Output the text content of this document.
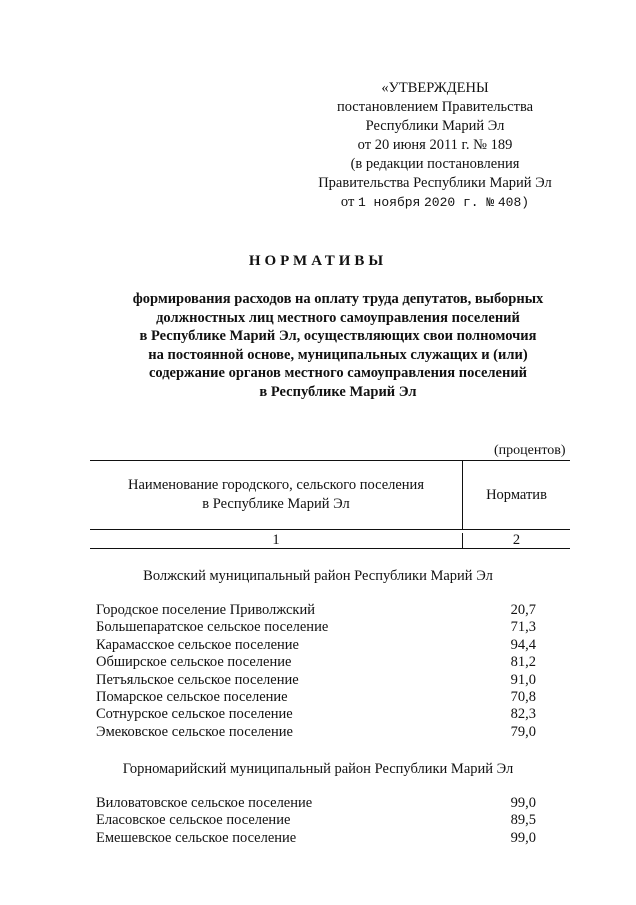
«УТВЕРЖДЕНЫ
постановлением Правительства
Республики Марий Эл
от 20 июня 2011 г. № 189
(в редакции постановления
Правительства Республики Марий Эл
от 1 ноября 2020 г. № 408)
НОРМАТИВЫ
формирования расходов на оплату труда депутатов, выборных
должностных лиц местного самоуправления поселений
в Республике Марий Эл, осуществляющих свои полномочия
на постоянной основе, муниципальных служащих и (или)
содержание органов местного самоуправления поселений
в Республике Марий Эл
(процентов)
Наименование городского, сельского поселения
в Республике Марий Эл
	Норматив
1	2
Волжский муниципальный район Республики Марий Эл
Городское поселение Приволжский	20,7
Большепаратское сельское поселение	71,3
Карамасское сельское поселение	94,4
Обширское сельское поселение	81,2
Петъяльское сельское поселение	91,0
Помарское сельское поселение	70,8
Сотнурское сельское поселение	82,3
Эмековское сельское поселение	79,0
Горномарийский муниципальный район Республики Марий Эл
Виловатовское сельское поселение	99,0
Еласовское сельское поселение	89,5
Емешевское сельское поселение	99,0
